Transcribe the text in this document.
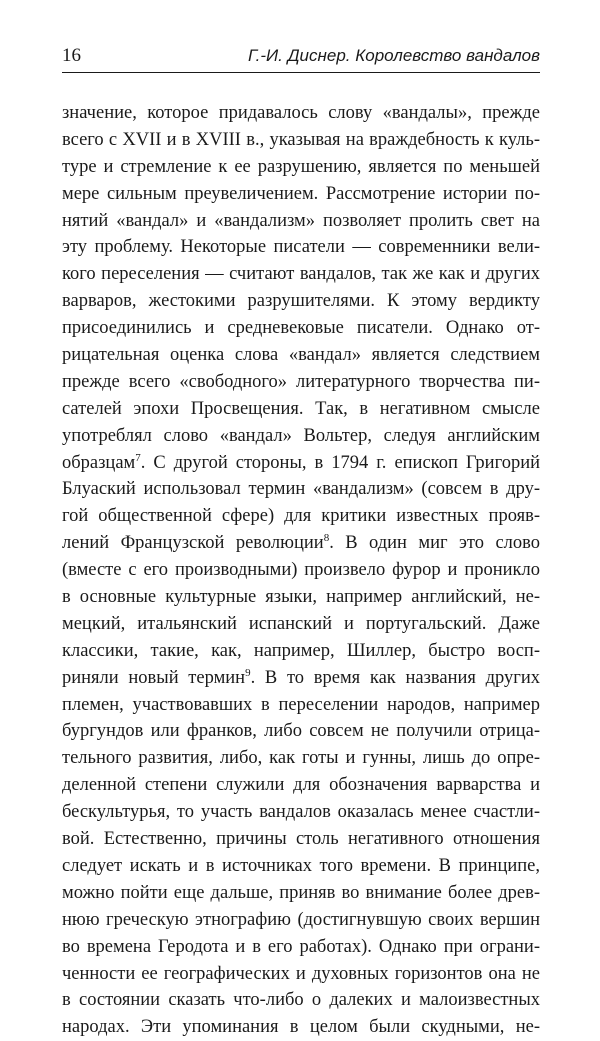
16	Г.-И. Диснер. Королевство вандалов
значение, которое придавалось слову «вандалы», прежде
всего с XVII и в XVIII в., указывая на враждебность к куль-
туре и стремление к ее разрушению, является по меньшей
мере сильным преувеличением. Рассмотрение истории по-
нятий «вандал» и «вандализм» позволяет пролить свет на
эту проблему. Некоторые писатели — современники вели-
кого переселения — считают вандалов, так же как и других
варваров, жестокими разрушителями. К этому вердикту
присоединились и средневековые писатели. Однако от-
рицательная оценка слова «вандал» является следствием
прежде всего «свободного» литературного творчества пи-
сателей эпохи Просвещения. Так, в негативном смысле
употреблял слово «вандал» Вольтер, следуя английским
образцам$^7$. С другой стороны, в 1794 г. епископ Григорий
Блуаский использовал термин «вандализм» (совсем в дру-
гой общественной сфере) для критики известных прояв-
лений Французской революции$^8$. В один миг это слово
(вместе с его производными) произвело фурор и проникло
в основные культурные языки, например английский, не-
мецкий, итальянский испанский и португальский. Даже
классики, такие, как, например, Шиллер, быстро восп-
риняли новый термин$^9$. В то время как названия других
племен, участвовавших в переселении народов, например
бургундов или франков, либо совсем не получили отрица-
тельного развития, либо, как готы и гунны, лишь до опре-
деленной степени служили для обозначения варварства и
бескультурья, то участь вандалов оказалась менее счастли-
вой. Естественно, причины столь негативного отношения
следует искать и в источниках того времени. В принципе,
можно пойти еще дальше, приняв во внимание более древ-
нюю греческую этнографию (достигнувшую своих вершин
во времена Геродота и в его работах). Однако при ограни-
ченности ее географических и духовных горизонтов она не
в состоянии сказать что-либо о далеких и малоизвестных
народах. Эти упоминания в целом были скудными, не-
